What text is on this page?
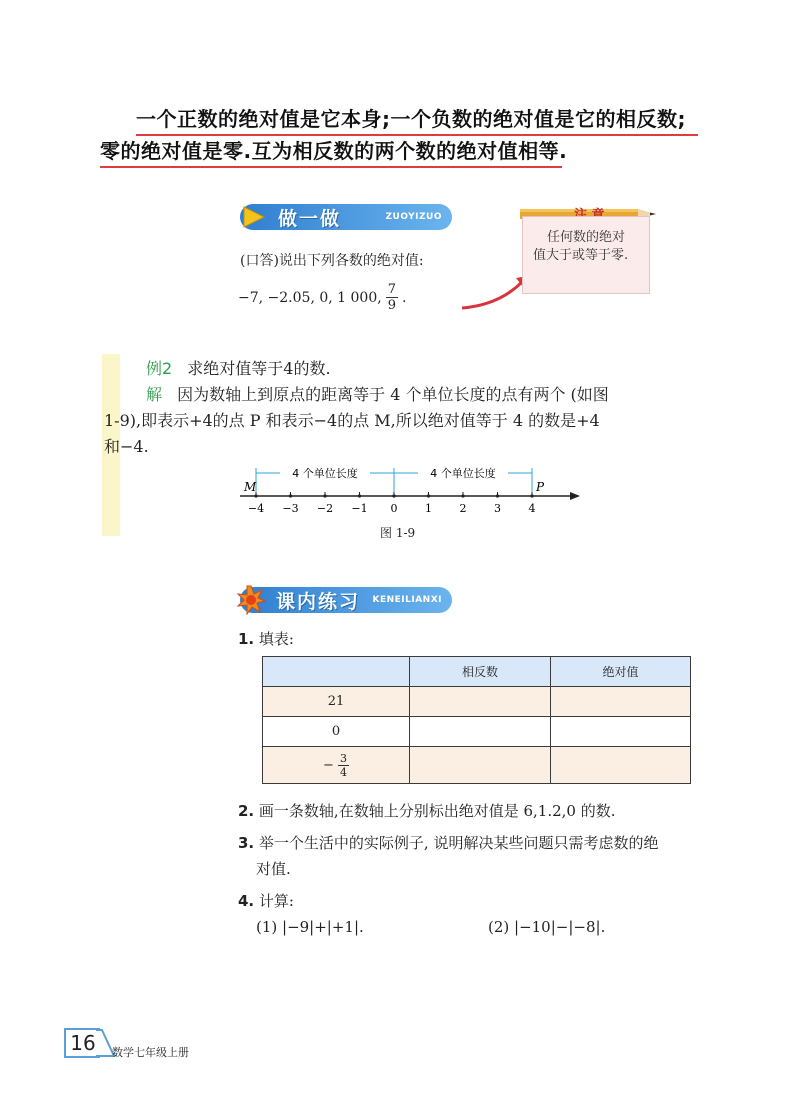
一个正数的绝对值是它本身;一个负数的绝对值是它的相反数;
零的绝对值是零.互为相反数的两个数的绝对值相等.
做一做	ZUOYIZUO
(口答)说出下列各数的绝对值:
−7, −2.05, 0, 1 000, $\frac{7}{9}$ .
任何数的绝对
值大于或等于零.
例2 求绝对值等于4的数.
解 因为数轴上到原点的距离等于 4 个单位长度的点有两个 (如图
1-9),即表示+4的点 P 和表示−4的点 M,所以绝对值等于 4 的数是+4
和−4.
−4 −3 −2 −1 0	1	2	3	4
M	P
4 个单位长度	4 个单位长度
图 1-9
课内练习 KENEILIANXI
1. 填表:
	相反数	绝对值
21		
0		
− $\frac{3}{4}$

2. 画一条数轴,在数轴上分别标出绝对值是 6,1.2,0 的数.
3. 举一个生活中的实际例子, 说明解决某些问题只需考虑数的绝
对值.
4. 计算:
(1) |−9|+|+1|.	(2) |−10|−|−8|.
16	数学七年级上册
